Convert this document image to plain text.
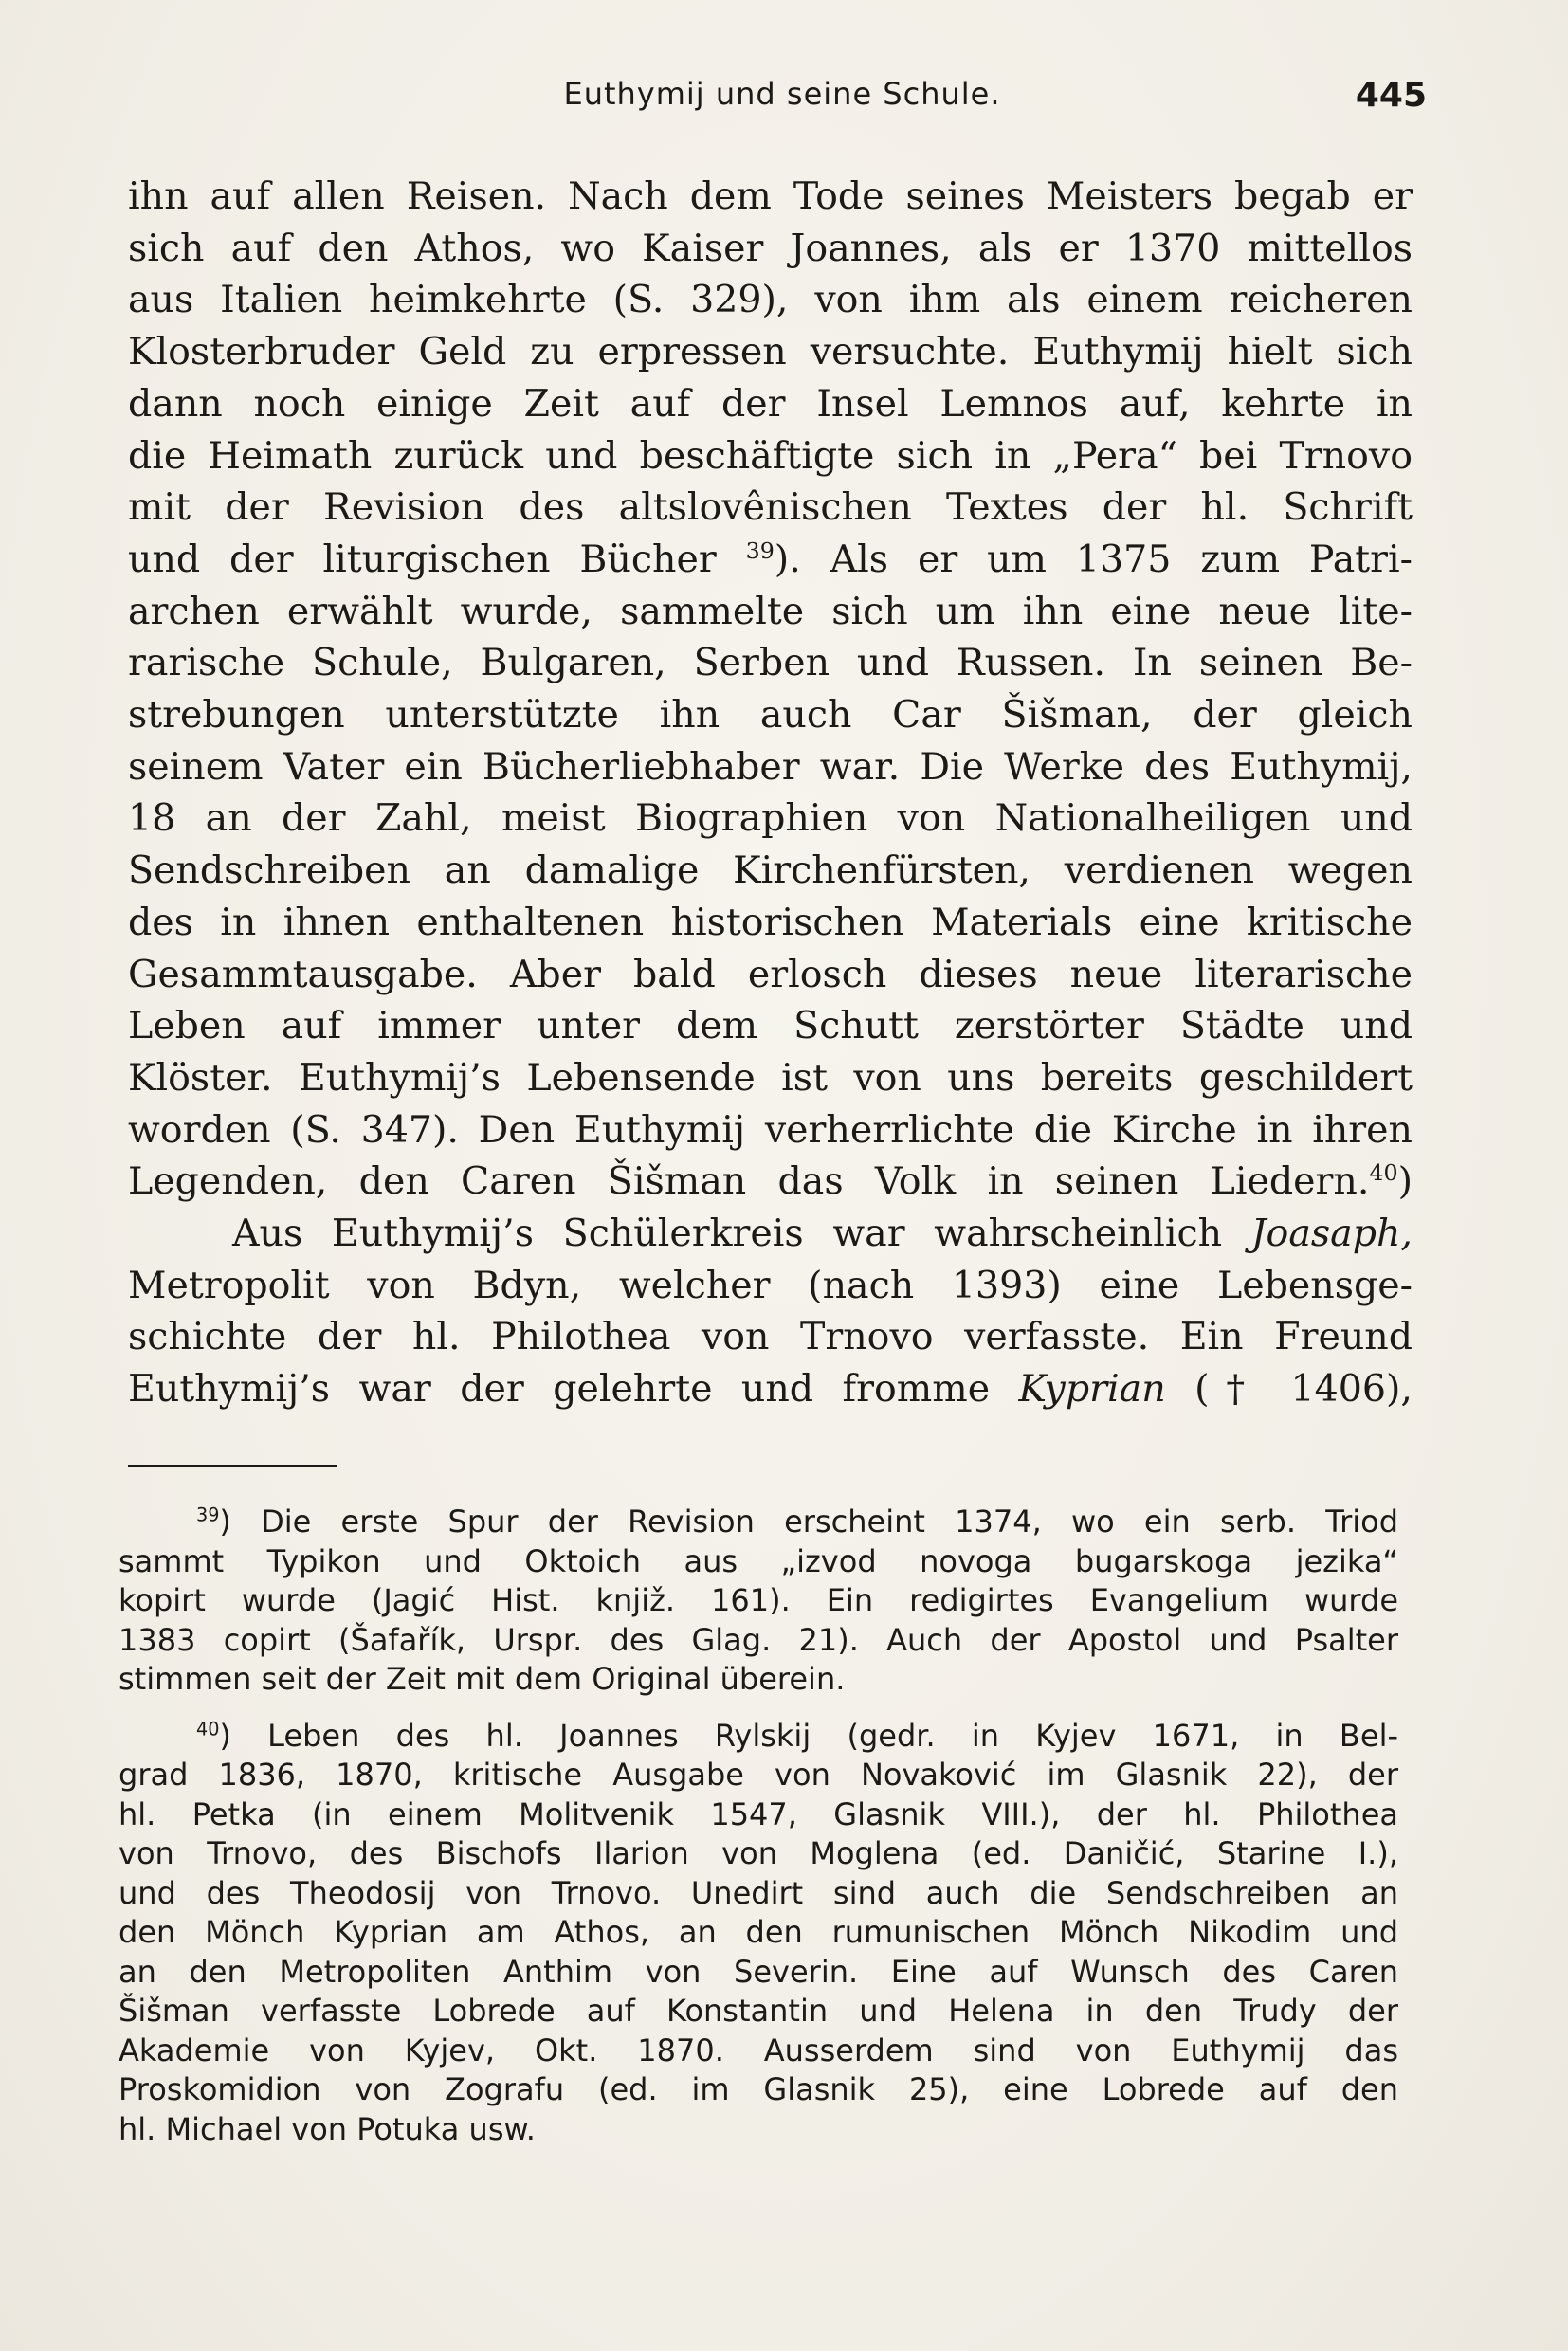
Euthymij und seine Schule.	445
ihn auf allen Reisen. Nach dem Tode seines Meisters begab er
sich auf den Athos, wo Kaiser Joannes, als er 1370 mittellos
aus Italien heimkehrte (S. 329), von ihm als einem reicheren
Klosterbruder Geld zu erpressen versuchte. Euthymij hielt sich
dann noch einige Zeit auf der Insel Lemnos auf, kehrte in
die Heimath zurück und beschäftigte sich in „Pera“ bei Trnovo
mit der Revision des altslovênischen Textes der hl. Schrift
und der liturgischen Bücher $^{39}$). Als er um 1375 zum Patri-
archen erwählt wurde, sammelte sich um ihn eine neue lite-
rarische Schule, Bulgaren, Serben und Russen. In seinen Be-
strebungen unterstützte ihn auch Car Šišman, der gleich
seinem Vater ein Bücherliebhaber war. Die Werke des Euthymij,
18 an der Zahl, meist Biographien von Nationalheiligen und
Sendschreiben an damalige Kirchenfürsten, verdienen wegen
des in ihnen enthaltenen historischen Materials eine kritische
Gesammtausgabe. Aber bald erlosch dieses neue literarische
Leben auf immer unter dem Schutt zerstörter Städte und
Klöster. Euthymij’s Lebensende ist von uns bereits geschildert
worden (S. 347). Den Euthymij verherrlichte die Kirche in ihren
Legenden, den Caren Šišman das Volk in seinen Liedern.$^{40}$)
Aus Euthymij’s Schülerkreis war wahrscheinlich Joasaph,
Metropolit von Bdyn, welcher (nach 1393) eine Lebensge-
schichte der hl. Philothea von Trnovo verfasste. Ein Freund
Euthymij’s war der gelehrte und fromme Kyprian († 1406),
$^{39}$) Die erste Spur der Revision erscheint 1374, wo ein serb. Triod
sammt Typikon und Oktoich aus „izvod novoga bugarskoga jezika“
kopirt wurde (Jagić Hist. knjiž. 161). Ein redigirtes Evangelium wurde
1383 copirt (Šafařík, Urspr. des Glag. 21). Auch der Apostol und Psalter
stimmen seit der Zeit mit dem Original überein.
$^{40}$) Leben des hl. Joannes Rylskij (gedr. in Kyjev 1671, in Bel-
grad 1836, 1870, kritische Ausgabe von Novaković im Glasnik 22), der
hl. Petka (in einem Molitvenik 1547, Glasnik VIII.), der hl. Philothea
von Trnovo, des Bischofs Ilarion von Moglena (ed. Daničić, Starine I.),
und des Theodosij von Trnovo. Unedirt sind auch die Sendschreiben an
den Mönch Kyprian am Athos, an den rumunischen Mönch Nikodim und
an den Metropoliten Anthim von Severin. Eine auf Wunsch des Caren
Šišman verfasste Lobrede auf Konstantin und Helena in den Trudy der
Akademie von Kyjev, Okt. 1870. Ausserdem sind von Euthymij das
Proskomidion von Zografu (ed. im Glasnik 25), eine Lobrede auf den
hl. Michael von Potuka usw.
